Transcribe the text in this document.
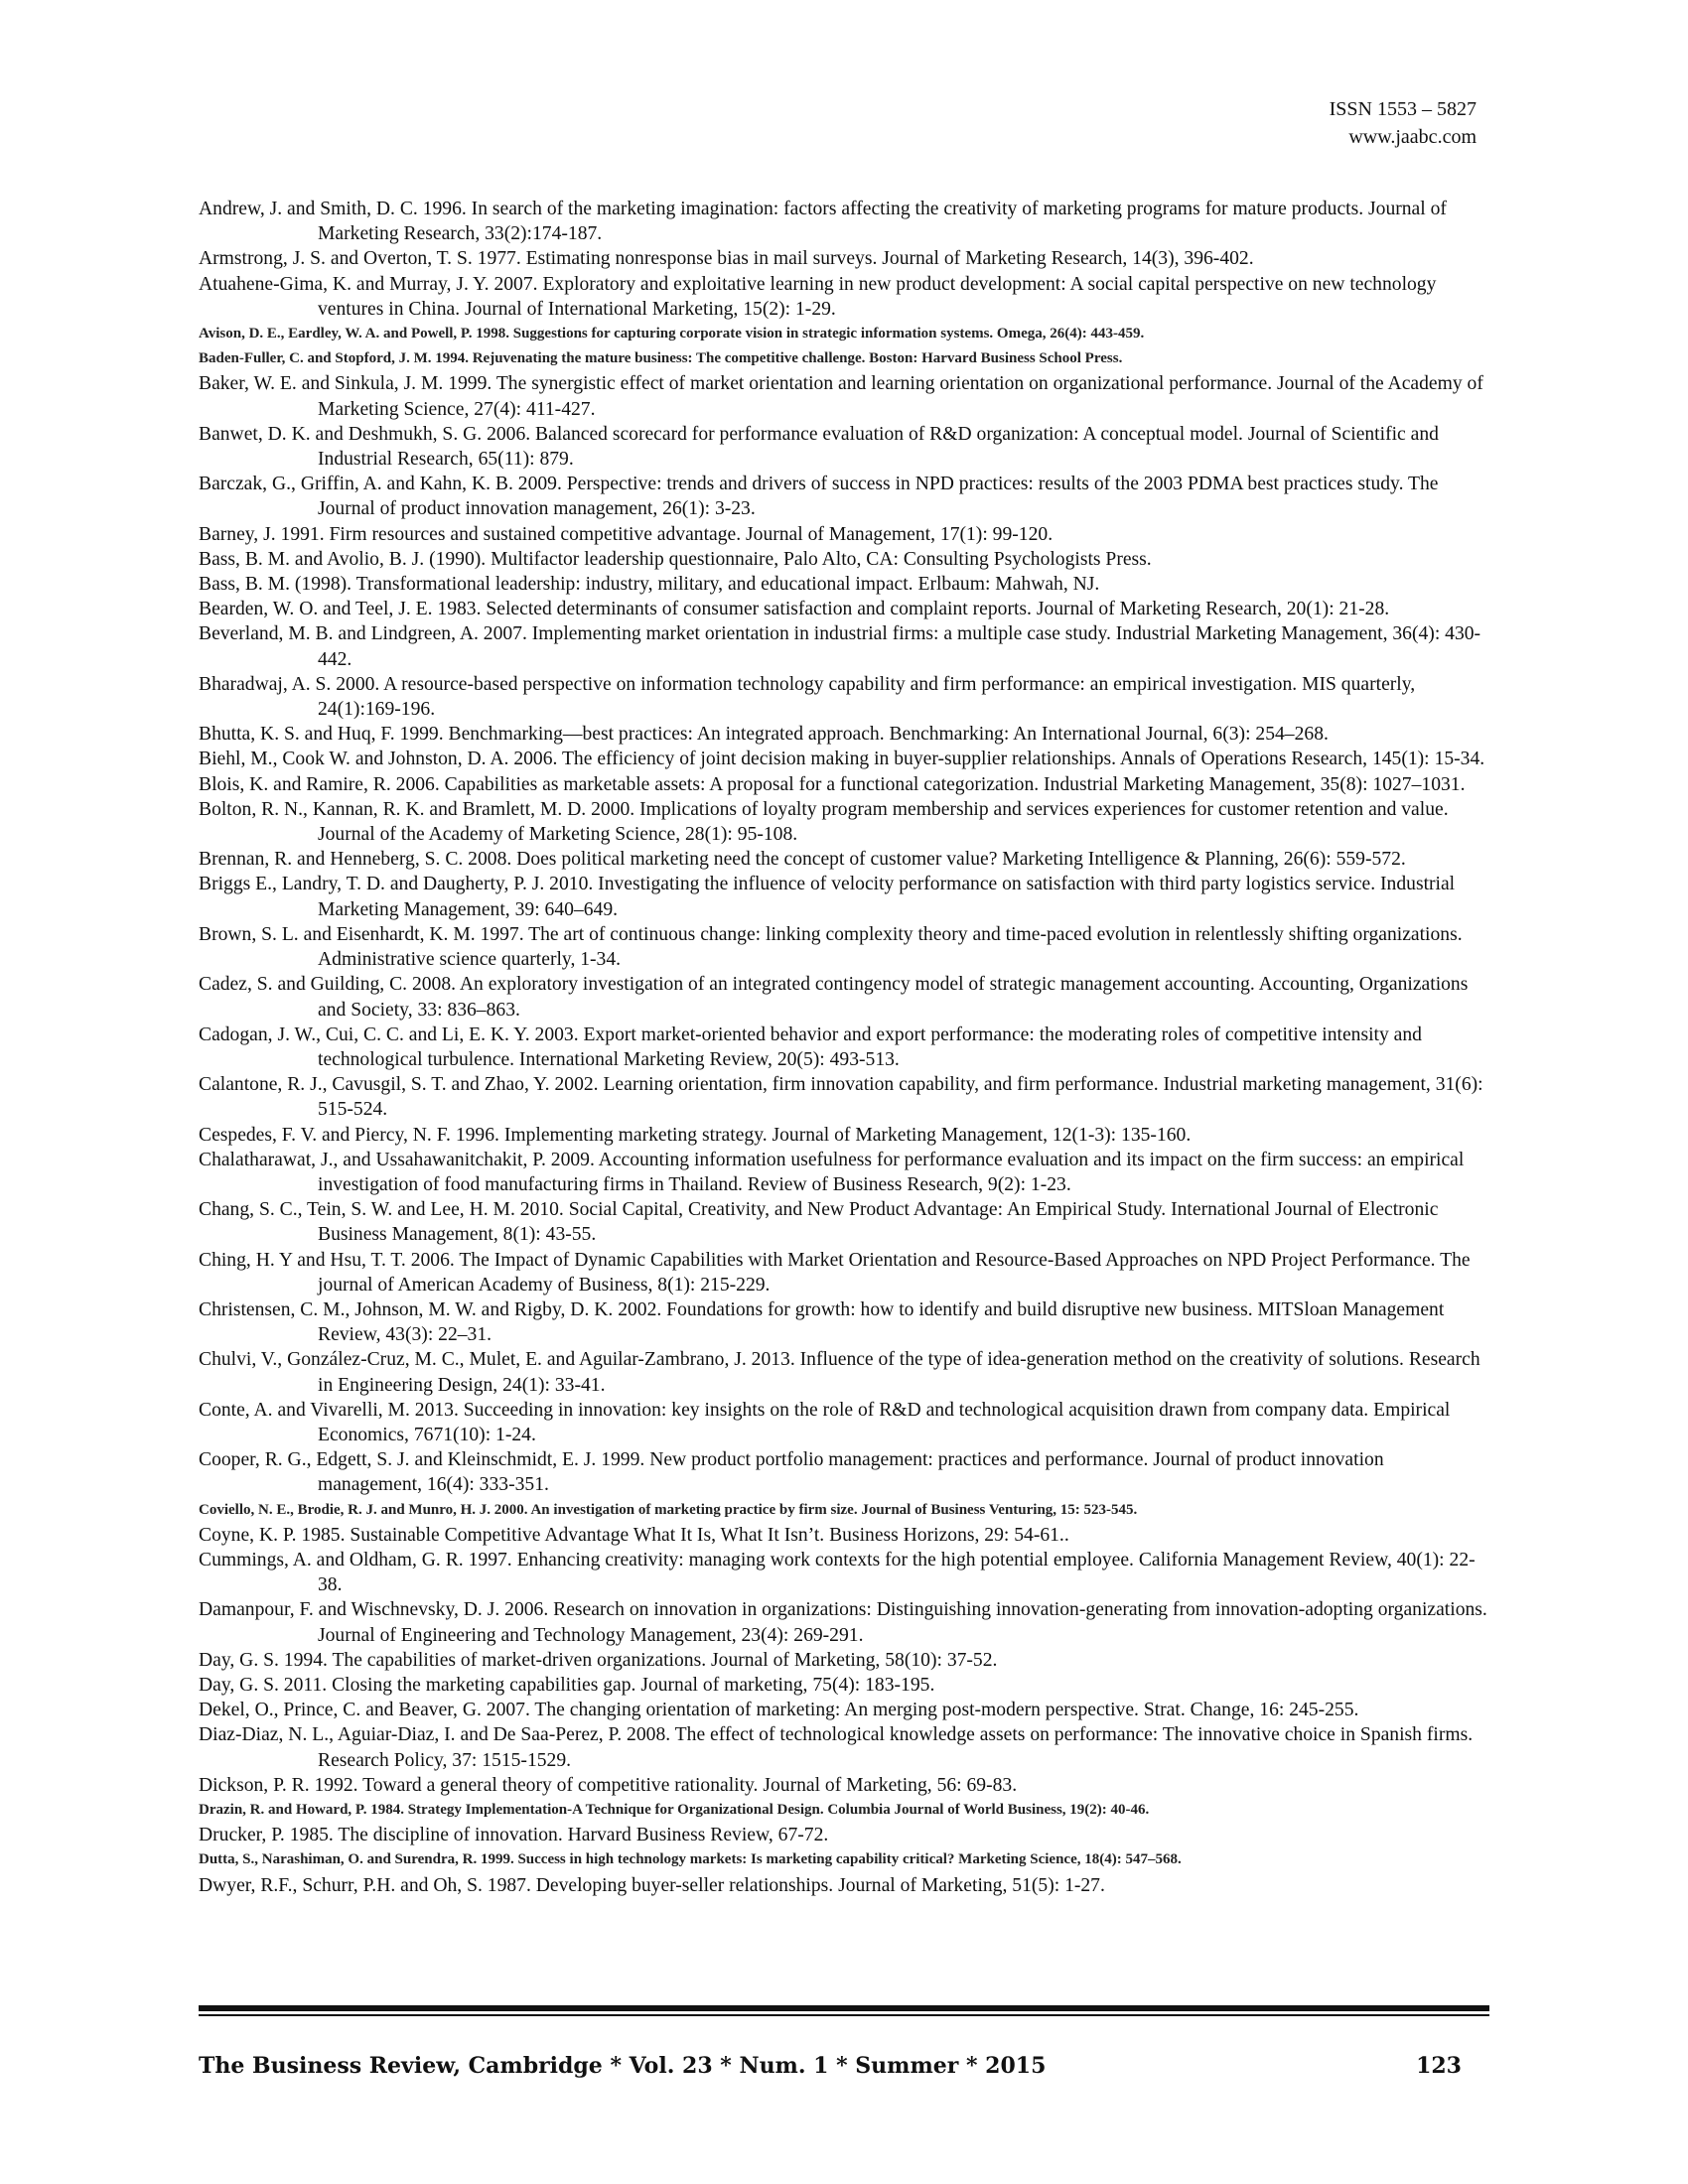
ISSN 1553 – 5827
www.jaabc.com
Andrew, J. and Smith, D. C. 1996. In search of the marketing imagination: factors affecting the creativity of marketing programs for mature products. Journal of Marketing Research, 33(2):174-187.
Armstrong, J. S. and Overton, T. S. 1977. Estimating nonresponse bias in mail surveys. Journal of Marketing Research, 14(3), 396-402.
Atuahene-Gima, K. and Murray, J. Y. 2007. Exploratory and exploitative learning in new product development: A social capital perspective on new technology ventures in China. Journal of International Marketing, 15(2): 1-29.
Avison, D. E., Eardley, W. A. and Powell, P. 1998. Suggestions for capturing corporate vision in strategic information systems. Omega, 26(4): 443-459.
Baden-Fuller, C. and Stopford, J. M. 1994. Rejuvenating the mature business: The competitive challenge. Boston: Harvard Business School Press.
Baker, W. E. and Sinkula, J. M. 1999. The synergistic effect of market orientation and learning orientation on organizational performance. Journal of the Academy of Marketing Science, 27(4): 411-427.
Banwet, D. K. and Deshmukh, S. G. 2006. Balanced scorecard for performance evaluation of R&D organization: A conceptual model. Journal of Scientific and Industrial Research, 65(11): 879.
Barczak, G., Griffin, A. and Kahn, K. B. 2009. Perspective: trends and drivers of success in NPD practices: results of the 2003 PDMA best practices study. The Journal of product innovation management, 26(1): 3-23.
Barney, J. 1991. Firm resources and sustained competitive advantage. Journal of Management, 17(1): 99-120.
Bass, B. M. and Avolio, B. J. (1990). Multifactor leadership questionnaire, Palo Alto, CA: Consulting Psychologists Press.
Bass, B. M. (1998). Transformational leadership: industry, military, and educational impact. Erlbaum: Mahwah, NJ.
Bearden, W. O. and Teel, J. E. 1983. Selected determinants of consumer satisfaction and complaint reports. Journal of Marketing Research, 20(1): 21-28.
Beverland, M. B. and Lindgreen, A. 2007. Implementing market orientation in industrial firms: a multiple case study. Industrial Marketing Management, 36(4): 430-442.
Bharadwaj, A. S. 2000. A resource-based perspective on information technology capability and firm performance: an empirical investigation. MIS quarterly, 24(1):169-196.
Bhutta, K. S. and Huq, F. 1999. Benchmarking—best practices: An integrated approach. Benchmarking: An International Journal, 6(3): 254–268.
Biehl, M., Cook W. and Johnston, D. A. 2006. The efficiency of joint decision making in buyer-supplier relationships. Annals of Operations Research, 145(1): 15-34.
Blois, K. and Ramire, R. 2006. Capabilities as marketable assets: A proposal for a functional categorization. Industrial Marketing Management, 35(8): 1027–1031.
Bolton, R. N., Kannan, R. K. and Bramlett, M. D. 2000. Implications of loyalty program membership and services experiences for customer retention and value. Journal of the Academy of Marketing Science, 28(1): 95-108.
Brennan, R. and Henneberg, S. C. 2008. Does political marketing need the concept of customer value? Marketing Intelligence & Planning, 26(6): 559-572.
Briggs E., Landry, T. D. and Daugherty, P. J. 2010. Investigating the influence of velocity performance on satisfaction with third party logistics service. Industrial Marketing Management, 39: 640–649.
Brown, S. L. and Eisenhardt, K. M. 1997. The art of continuous change: linking complexity theory and time-paced evolution in relentlessly shifting organizations. Administrative science quarterly, 1-34.
Cadez, S. and Guilding, C. 2008. An exploratory investigation of an integrated contingency model of strategic management accounting. Accounting, Organizations and Society, 33: 836–863.
Cadogan, J. W., Cui, C. C. and Li, E. K. Y. 2003. Export market-oriented behavior and export performance: the moderating roles of competitive intensity and technological turbulence. International Marketing Review, 20(5): 493-513.
Calantone, R. J., Cavusgil, S. T. and Zhao, Y. 2002. Learning orientation, firm innovation capability, and firm performance. Industrial marketing management, 31(6): 515-524.
Cespedes, F. V. and Piercy, N. F. 1996. Implementing marketing strategy. Journal of Marketing Management, 12(1-3): 135-160.
Chalatharawat, J., and Ussahawanitchakit, P. 2009. Accounting information usefulness for performance evaluation and its impact on the firm success: an empirical investigation of food manufacturing firms in Thailand. Review of Business Research, 9(2): 1-23.
Chang, S. C., Tein, S. W. and Lee, H. M. 2010. Social Capital, Creativity, and New Product Advantage: An Empirical Study. International Journal of Electronic Business Management, 8(1): 43-55.
Ching, H. Y and Hsu, T. T. 2006. The Impact of Dynamic Capabilities with Market Orientation and Resource-Based Approaches on NPD Project Performance. The journal of American Academy of Business, 8(1): 215-229.
Christensen, C. M., Johnson, M. W. and Rigby, D. K. 2002. Foundations for growth: how to identify and build disruptive new business. MITSloan Management Review, 43(3): 22–31.
Chulvi, V., González-Cruz, M. C., Mulet, E. and Aguilar-Zambrano, J. 2013. Influence of the type of idea-generation method on the creativity of solutions. Research in Engineering Design, 24(1): 33-41.
Conte, A. and Vivarelli, M. 2013. Succeeding in innovation: key insights on the role of R&D and technological acquisition drawn from company data. Empirical Economics, 7671(10): 1-24.
Cooper, R. G., Edgett, S. J. and Kleinschmidt, E. J. 1999. New product portfolio management: practices and performance. Journal of product innovation management, 16(4): 333-351.
Coviello, N. E., Brodie, R. J. and Munro, H. J. 2000. An investigation of marketing practice by firm size. Journal of Business Venturing, 15: 523-545.
Coyne, K. P. 1985. Sustainable Competitive Advantage What It Is, What It Isn’t. Business Horizons, 29: 54-61..
Cummings, A. and Oldham, G. R. 1997. Enhancing creativity: managing work contexts for the high potential employee. California Management Review, 40(1): 22-38.
Damanpour, F. and Wischnevsky, D. J. 2006. Research on innovation in organizations: Distinguishing innovation-generating from innovation-adopting organizations. Journal of Engineering and Technology Management, 23(4): 269-291.
Day, G. S. 1994. The capabilities of market-driven organizations. Journal of Marketing, 58(10): 37-52.
Day, G. S. 2011. Closing the marketing capabilities gap. Journal of marketing, 75(4): 183-195.
Dekel, O., Prince, C. and Beaver, G. 2007. The changing orientation of marketing: An merging post-modern perspective. Strat. Change, 16: 245-255.
Diaz-Diaz, N. L., Aguiar-Diaz, I. and De Saa-Perez, P. 2008. The effect of technological knowledge assets on performance: The innovative choice in Spanish firms. Research Policy, 37: 1515-1529.
Dickson, P. R. 1992. Toward a general theory of competitive rationality. Journal of Marketing, 56: 69-83.
Drazin, R. and Howard, P. 1984. Strategy Implementation-A Technique for Organizational Design. Columbia Journal of World Business, 19(2): 40-46.
Drucker, P. 1985. The discipline of innovation. Harvard Business Review, 67-72.
Dutta, S., Narashiman, O. and Surendra, R. 1999. Success in high technology markets: Is marketing capability critical? Marketing Science, 18(4): 547–568.
Dwyer, R.F., Schurr, P.H. and Oh, S. 1987. Developing buyer-seller relationships. Journal of Marketing, 51(5): 1-27.
The Business Review, Cambridge * Vol. 23 * Num. 1 * Summer * 2015	123
